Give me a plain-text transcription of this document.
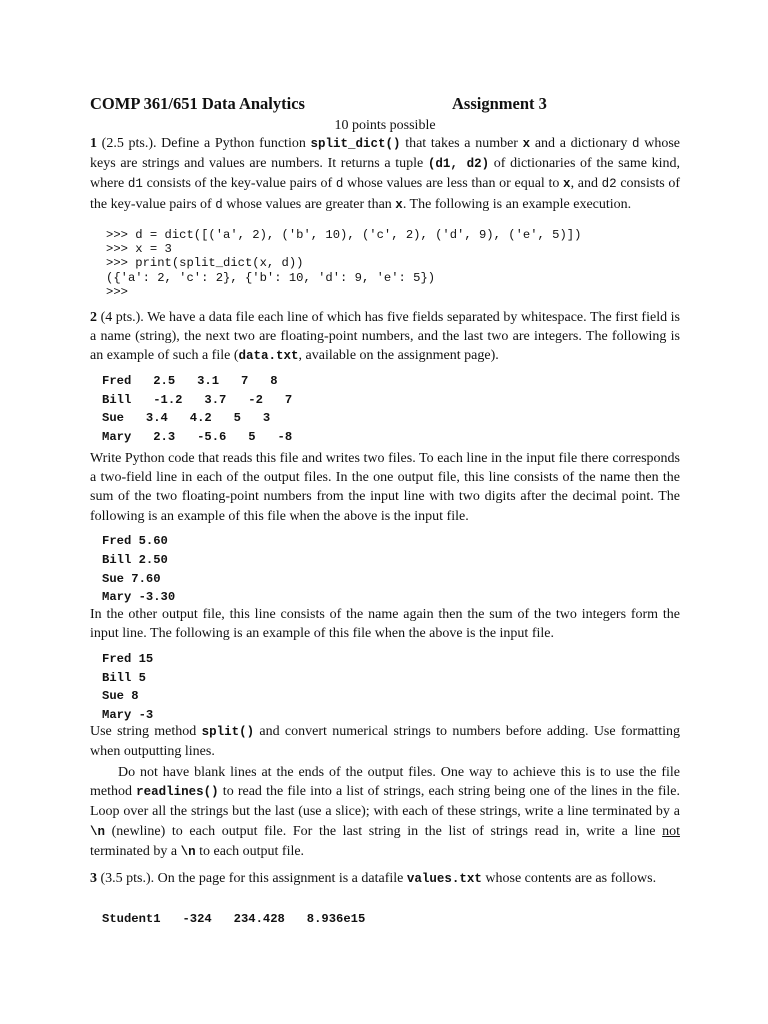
COMP 361/651 Data Analytics	Assignment 3
10 points possible
1 (2.5 pts.). Define a Python function split_dict() that takes a number x and a dictionary d whose keys are strings and values are numbers. It returns a tuple (d1, d2) of dictionaries of the same kind, where d1 consists of the key-value pairs of d whose values are less than or equal to x, and d2 consists of the key-value pairs of d whose values are greater than x. The following is an example execution.
>>> d = dict([('a', 2), ('b', 10), ('c', 2), ('d', 9), ('e', 5)])
>>> x = 3
>>> print(split_dict(x, d))
({'a': 2, 'c': 2}, {'b': 10, 'd': 9, 'e': 5})
>>>
2 (4 pts.). We have a data file each line of which has five fields separated by whitespace. The first field is a name (string), the next two are floating-point numbers, and the last two are integers. The following is an example of such a file (data.txt, available on the assignment page).
Fred   2.5   3.1   7   8
Bill   -1.2   3.7   -2   7
Sue   3.4   4.2   5   3
Mary   2.3   -5.6   5   -8
Write Python code that reads this file and writes two files. To each line in the input file there corresponds a two-field line in each of the output files. In the one output file, this line consists of the name then the sum of the two floating-point numbers from the input line with two digits after the decimal point. The following is an example of this file when the above is the input file.
Fred 5.60
Bill 2.50
Sue 7.60
Mary -3.30
In the other output file, this line consists of the name again then the sum of the two integers form the input line. The following is an example of this file when the above is the input file.
Fred 15
Bill 5
Sue 8
Mary -3
Use string method split() and convert numerical strings to numbers before adding. Use formatting when outputting lines.
Do not have blank lines at the ends of the output files. One way to achieve this is to use the file method readlines() to read the file into a list of strings, each string being one of the lines in the file. Loop over all the strings but the last (use a slice); with each of these strings, write a line terminated by a \n (newline) to each output file. For the last string in the list of strings read in, write a line not terminated by a \n to each output file.
3 (3.5 pts.). On the page for this assignment is a datafile values.txt whose contents are as follows.
Student1   -324   234.428   8.936e15
